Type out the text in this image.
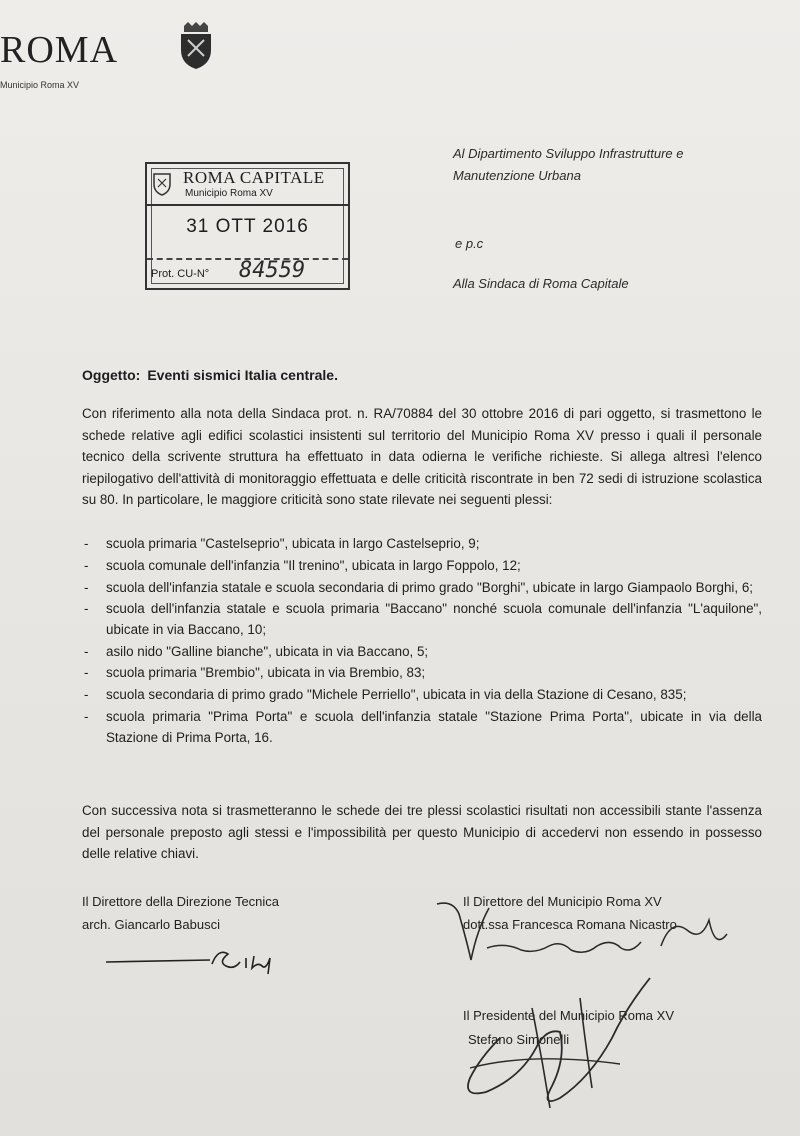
ROMA
Municipio Roma XV
ROMA CAPITALE
Municipio Roma XV
31 OTT 2016
Prot. CU-N° 84559
Al Dipartimento Sviluppo Infrastrutture e
Manutenzione Urbana
e p.c
Alla Sindaca di Roma Capitale
Oggetto: Eventi sismici Italia centrale.
Con riferimento alla nota della Sindaca prot. n. RA/70884 del 30 ottobre 2016 di pari oggetto, si trasmettono le schede relative agli edifici scolastici insistenti sul territorio del Municipio Roma XV presso i quali il personale tecnico della scrivente struttura ha effettuato in data odierna le verifiche richieste. Si allega altresì l'elenco riepilogativo dell'attività di monitoraggio effettuata e delle criticità riscontrate in ben 72 sedi di istruzione scolastica su 80. In particolare, le maggiore criticità sono state rilevate nei seguenti plessi:
- scuola primaria "Castelseprio", ubicata in largo Castelseprio, 9;
- scuola comunale dell'infanzia "Il trenino", ubicata in largo Foppolo, 12;
- scuola dell'infanzia statale e scuola secondaria di primo grado "Borghi", ubicate in largo Giampaolo Borghi, 6;
- scuola dell'infanzia statale e scuola primaria "Baccano" nonché scuola comunale dell'infanzia "L'aquilone", ubicate in via Baccano, 10;
- asilo nido "Galline bianche", ubicata in via Baccano, 5;
- scuola primaria "Brembio", ubicata in via Brembio, 83;
- scuola secondaria di primo grado "Michele Perriello", ubicata in via della Stazione di Cesano, 835;
- scuola primaria "Prima Porta" e scuola dell'infanzia statale "Stazione Prima Porta", ubicate in via della Stazione di Prima Porta, 16.
Con successiva nota si trasmetteranno le schede dei tre plessi scolastici risultati non accessibili stante l'assenza del personale preposto agli stessi e l'impossibilità per questo Municipio di accedervi non essendo in possesso delle relative chiavi.
Il Direttore della Direzione Tecnica
arch. Giancarlo Babusci
Il Direttore del Municipio Roma XV
dott.ssa Francesca Romana Nicastro
Il Presidente del Municipio Roma XV
Stefano Simonelli
